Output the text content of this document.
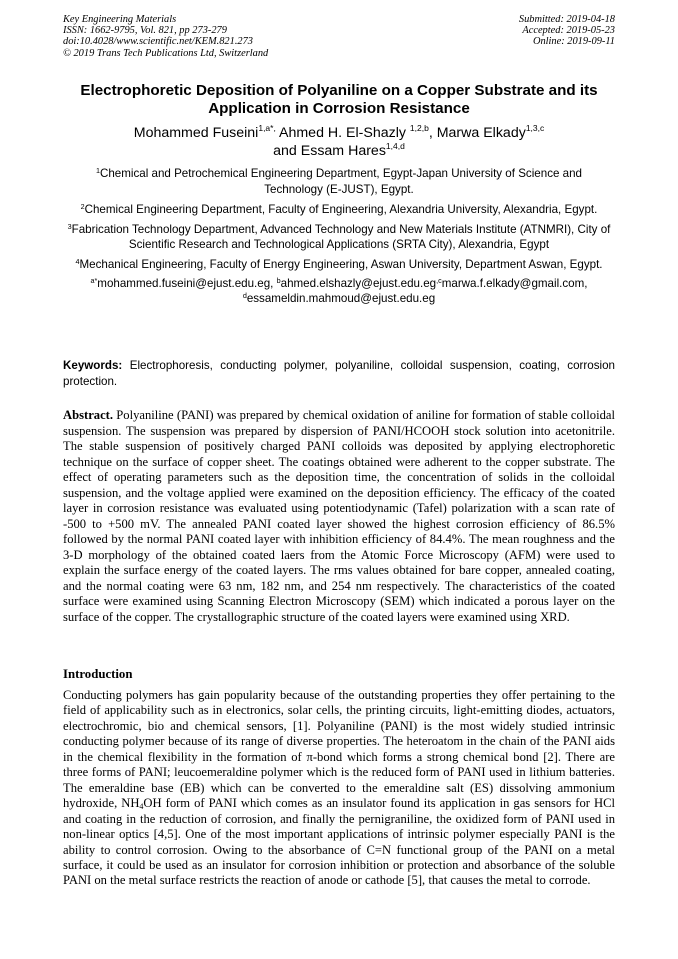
Key Engineering Materials
ISSN: 1662-9795, Vol. 821, pp 273-279
doi:10.4028/www.scientific.net/KEM.821.273
© 2019 Trans Tech Publications Ltd, Switzerland
Submitted: 2019-04-18
Accepted: 2019-05-23
Online: 2019-09-11
Electrophoretic Deposition of Polyaniline on a Copper Substrate and its Application in Corrosion Resistance
Mohammed Fuseini$^{1,a*,}$ Ahmed H. El-Shazly $^{1,2,b}$, Marwa Elkady$^{1,3,c}$
and Essam Hares$^{1,4,d}$
$^1$Chemical and Petrochemical Engineering Department, Egypt-Japan University of Science and Technology (E-JUST), Egypt.
$^2$Chemical Engineering Department, Faculty of Engineering, Alexandria University, Alexandria, Egypt.
$^3$Fabrication Technology Department, Advanced Technology and New Materials Institute (ATNMRI), City of Scientific Research and Technological Applications (SRTA City), Alexandria, Egypt
$^4$Mechanical Engineering, Faculty of Energy Engineering, Aswan University, Department Aswan, Egypt.
$^{a*}$mohammed.fuseini@ejust.edu.eg, $^bahmed.elshazly@ejust.edu.eg^{,c}marwa.f.elkady@gmail.com$,
$^d$essameldin.mahmoud@ejust.edu.eg
Keywords: Electrophoresis, conducting polymer, polyaniline, colloidal suspension, coating, corrosion protection.
Abstract. Polyaniline (PANI) was prepared by chemical oxidation of aniline for formation of stable colloidal suspension. The suspension was prepared by dispersion of PANI/HCOOH stock solution into acetonitrile. The stable suspension of positively charged PANI colloids was deposited by applying electrophoretic technique on the surface of copper sheet. The coatings obtained were adherent to the copper substrate. The effect of operating parameters such as the deposition time, the concentration of solids in the colloidal suspension, and the voltage applied were examined on the deposition efficiency. The efficacy of the coated layer in corrosion resistance was evaluated using potentiodynamic (Tafel) polarization with a scan rate of -500 to +500 mV. The annealed PANI coated layer showed the highest corrosion efficiency of 86.5% followed by the normal PANI coated layer with inhibition efficiency of 84.4%. The mean roughness and the 3-D morphology of the obtained coated laers from the Atomic Force Microscopy (AFM) were used to explain the surface energy of the coated layers. The rms values obtained for bare copper, annealed coating, and the normal coating were 63 nm, 182 nm, and 254 nm respectively. The characteristics of the coated surface were examined using Scanning Electron Microscopy (SEM) which indicated a porous layer on the surface of the copper. The crystallographic structure of the coated layers were examined using XRD.
Introduction
Conducting polymers has gain popularity because of the outstanding properties they offer pertaining to the field of applicability such as in electronics, solar cells, the printing circuits, light-emitting diodes, actuators, electrochromic, bio and chemical sensors, [1]. Polyaniline (PANI) is the most widely studied intrinsic conducting polymer because of its range of diverse properties. The heteroatom in the chain of the PANI aids in the chemical flexibility in the formation of π-bond which forms a strong chemical bond [2]. There are three forms of PANI; leucoemeraldine polymer which is the reduced form of PANI used in lithium batteries. The emeraldine base (EB) which can be converted to the emeraldine salt (ES) dissolving ammonium hydroxide, $NH_4OH$ form of PANI which comes as an insulator found its application in gas sensors for HCl and coating in the reduction of corrosion, and finally the pernigraniline, the oxidized form of PANI used in non-linear optics [4,5]. One of the most important applications of intrinsic polymer especially PANI is the ability to control corrosion. Owing to the absorbance of C=N functional group of the PANI on a metal surface, it could be used as an insulator for corrosion inhibition or protection and absorbance of the soluble PANI on the metal surface restricts the reaction of anode or cathode [5], that causes the metal to corrode.
